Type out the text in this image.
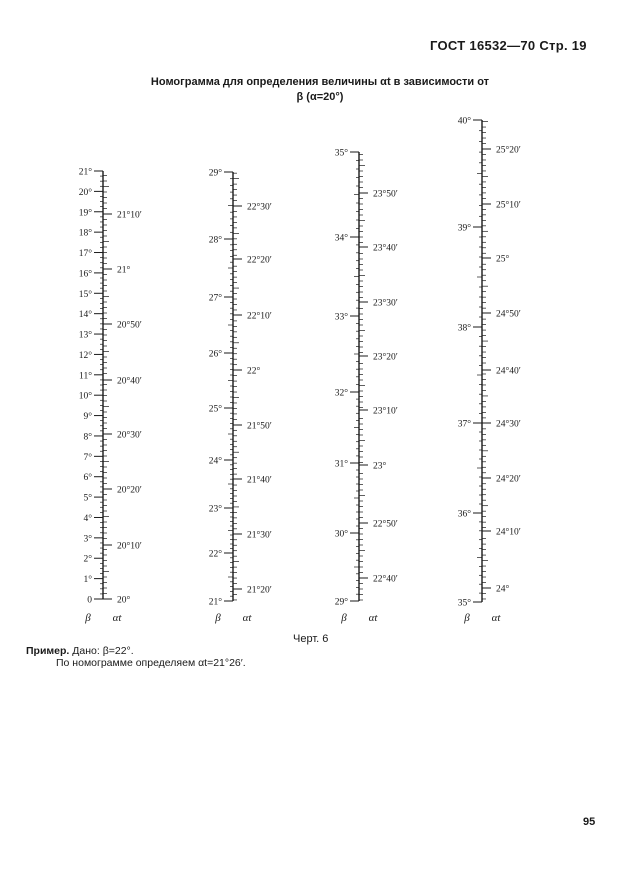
ГОСТ 16532—70 Стр. 19
Номограмма для определения величины αt в зависимости от
β (α=20°)
0
1°
2°
3°
4°
5°
6°
7°
8°
9°
10°
11°
12°
13°
14°
15°
16°
17°
18°
19°
20°
21°
20°
20°10′
20°20′
20°30′
20°40′
20°50′
21°
21°10′
β αt
21°
22°
23°
24°
25°
26°
27°
28°
29°
21°20′
21°30′
21°40′
21°50′
22°
22°10′
22°20′
22°30′
β αt
29°
30°
31°
32°
33°
34°
35°
22°40′
22°50′
23°
23°10′
23°20′
23°30′
23°40′
23°50′
β αt
35°
36°
37°
38°
39°
40°
24°
24°10′
24°20′
24°30′
24°40′
24°50′
25°
25°10′
25°20′
β αt
Черт. 6
Пример. Дано: β=22°.
По номограмме определяем αt=21°26′.
95
